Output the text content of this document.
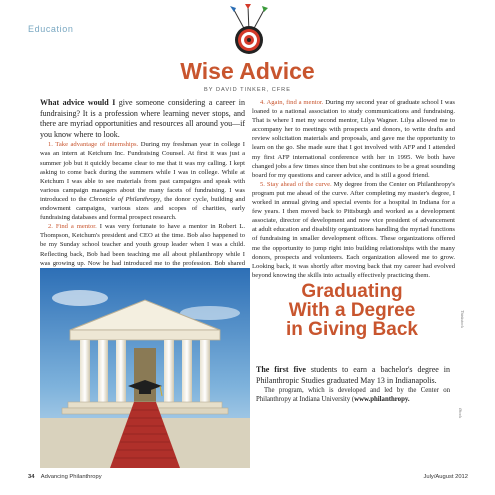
Education
Wise Advice
BY DAVID TINKER, CFRE

What advice would I give someone considering a career in fundraising? It is a profession where learning never stops, and there are myriad opportunities and resources all around you—if you know where to look.

1. Take advantage of internships. During my freshman year in college I was an intern at Ketchum Inc. Fundraising Counsel. At first it was just a summer job but it quickly became clear to me that it was my calling. I kept asking to come back during the summers while I was in college. While at Ketchum I was able to see materials from past campaigns and speak with various campaign managers about the many facets of fundraising. I was introduced to the Chronicle of Philanthropy, the donor cycle, building and endowment campaigns, various sizes and scopes of charities, early fundraising databases and formal prospect research.

2. Find a mentor. I was very fortunate to have a mentor in Robert L. Thompson, Ketchum's president and CEO at the time. Bob also happened to be my Sunday school teacher and youth group leader when I was a child. Reflecting back, Bob had been teaching me all about philanthropy while I was growing up. Now he had introduced me to the profession. Bob shared

4. Again, find a mentor. During my second year of graduate school I was loaned to a national association to study communications and fundraising. That is where I met my second mentor, Lilya Wagner. Lilya allowed me to accompany her to meetings with prospects and donors, to write drafts and review solicitation materials and proposals, and gave me the opportunity to learn on the go. She made sure that I got involved with AFP and I attended my first AFP international conference with her in 1995. We both have changed jobs a few times since then but she continues to be a great sounding board for my questions and career advice, and is still a good friend.

5. Stay ahead of the curve. My degree from the Center on Philanthropy's program put me ahead of the curve. After completing my master's degree, I worked in annual giving and special events for a hospital in Indiana for a few years. I then moved back to Pittsburgh and worked as a development associate, director of development and now vice president of advancement at adult education and disability organizations handling the myriad functions of fundraising in smaller development offices. These organizations offered me the opportunity to jump right into building relationships with the many donors, prospects and volunteers. Each organization allowed me to grow. Looking back, it was shortly after moving back that my career had evolved beyond knowing the skills into actually effectively practicing them.

Thinkstock
Graduating
With a Degree
in Giving Back

The first five students to earn a bachelor's degree in Philanthropic Studies graduated May 13 in Indianapolis.

The program, which is developed and led by the Center on Philanthropy at Indiana University (www.philanthropy.

iStock
34 Advancing Philanthropy	July/August 2012
